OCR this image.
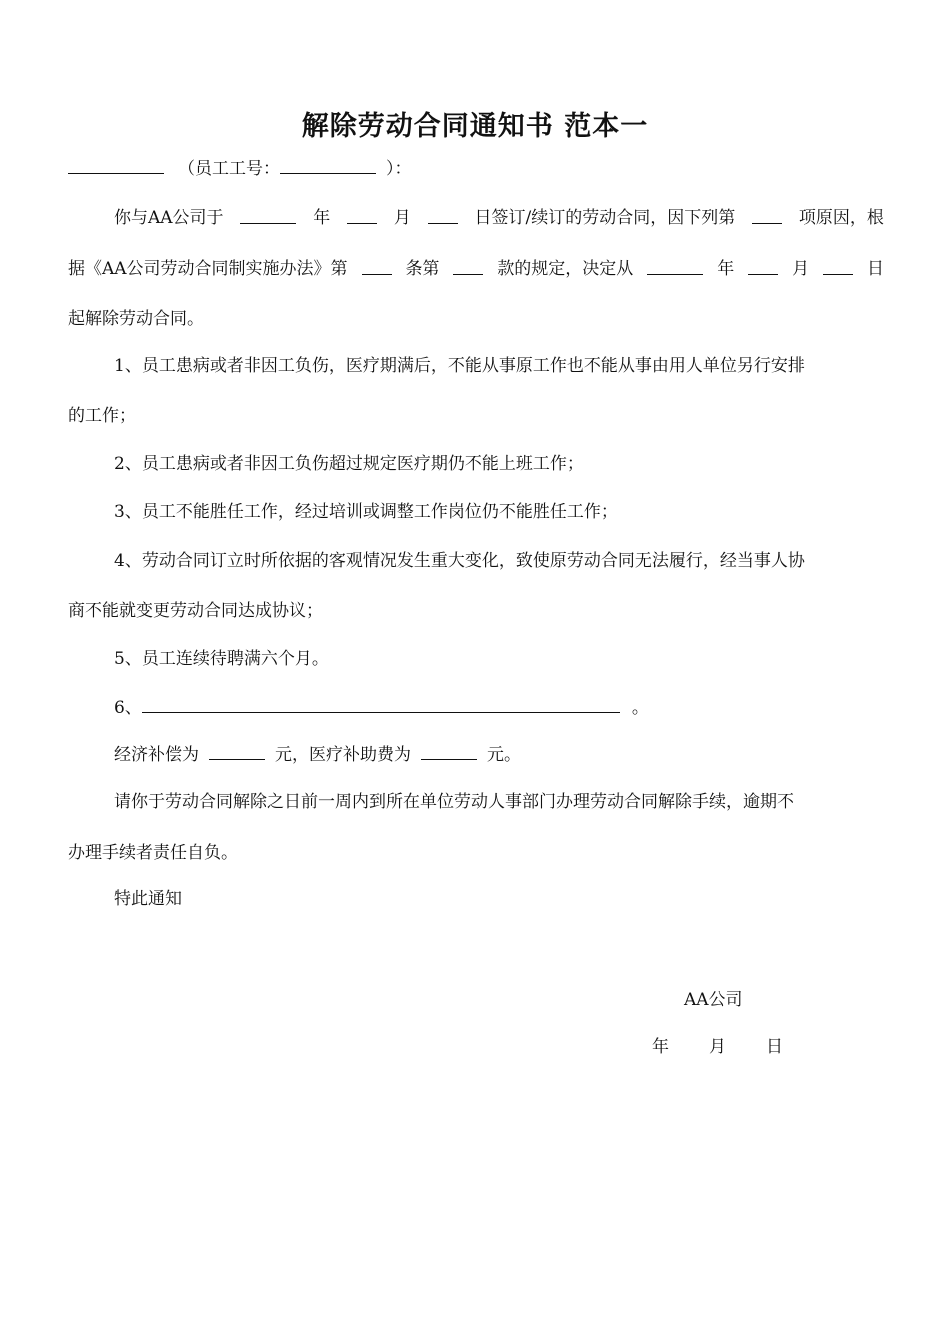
解除劳动合同通知书 范本一
（员工工号：	）：
你与AA公司于	年	月	日签订/续订的劳动合同，因下列第	项原因，根
据《AA公司劳动合同制实施办法》第	条第	款的规定，决定从	年	月	日
起解除劳动合同。
1、员工患病或者非因工负伤，医疗期满后，不能从事原工作也不能从事由用人单位另行安排
的工作；
2、员工患病或者非因工负伤超过规定医疗期仍不能上班工作；
3、员工不能胜任工作，经过培训或调整工作岗位仍不能胜任工作；
4、劳动合同订立时所依据的客观情况发生重大变化，致使原劳动合同无法履行，经当事人协
商不能就变更劳动合同达成协议；
5、员工连续待聘满六个月。
6、	。
经济补偿为	元，医疗补助费为	元。
请你于劳动合同解除之日前一周内到所在单位劳动人事部门办理劳动合同解除手续，逾期不
办理手续者责任自负。
特此通知
AA公司
年 月 日
